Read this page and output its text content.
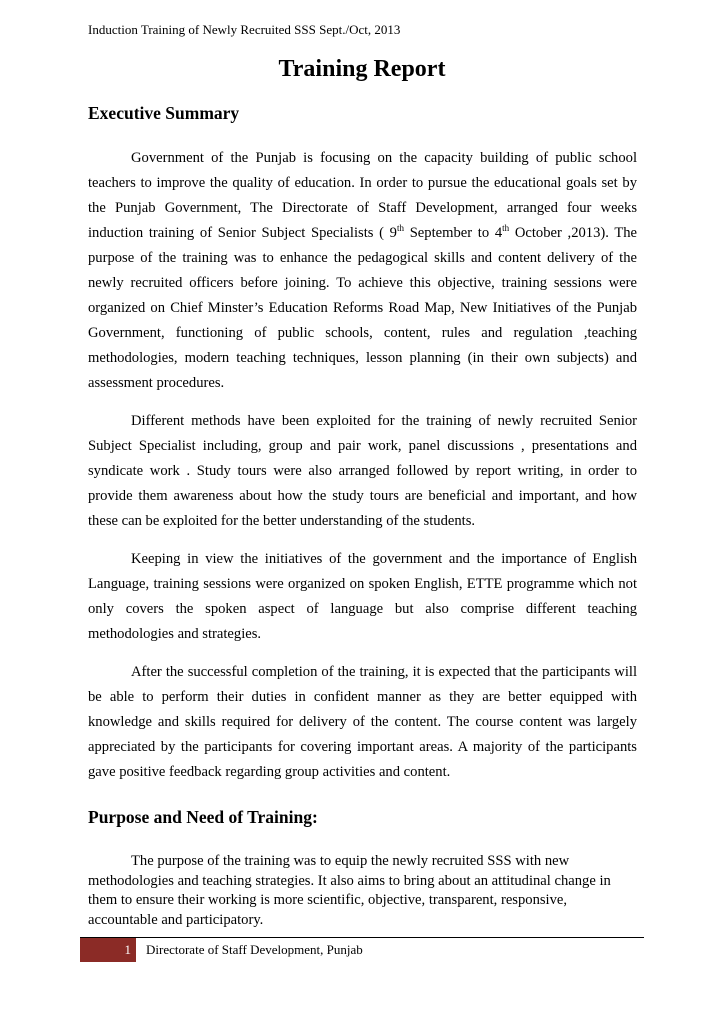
Induction Training of Newly Recruited SSS Sept./Oct, 2013
Training Report
Executive Summary

Government of the Punjab is focusing on the capacity building of public school teachers to improve the quality of education. In order to pursue the educational goals set by the Punjab Government, The Directorate of Staff Development, arranged four weeks induction training of Senior Subject Specialists ( 9th September to 4th October ,2013). The purpose of the training was to enhance the pedagogical skills and content delivery of the newly recruited officers before joining. To achieve this objective, training sessions were organized on Chief Minster’s Education Reforms Road Map, New Initiatives of the Punjab Government, functioning of public schools, content, rules and regulation ,teaching methodologies, modern teaching techniques, lesson planning (in their own subjects) and assessment procedures.

Different methods have been exploited for the training of newly recruited Senior Subject Specialist including, group and pair work, panel discussions , presentations and syndicate work . Study tours were also arranged followed by report writing, in order to provide them awareness about how the study tours are beneficial and important, and how these can be exploited for the better understanding of the students.

Keeping in view the initiatives of the government and the importance of English Language, training sessions were organized on spoken English, ETTE programme which not only covers the spoken aspect of language but also comprise different teaching methodologies and strategies.

After the successful completion of the training, it is expected that the participants will be able to perform their duties in confident manner as they are better equipped with knowledge and skills required for delivery of the content. The course content was largely appreciated by the participants for covering important areas. A majority of the participants gave positive feedback regarding group activities and content.

Purpose and Need of Training:

The purpose of the training was to equip the newly recruited SSS with new methodologies and teaching strategies. It also aims to bring about an attitudinal change in them to ensure their working is more scientific, objective, transparent, responsive, accountable and participatory.

1	Directorate of Staff Development, Punjab
